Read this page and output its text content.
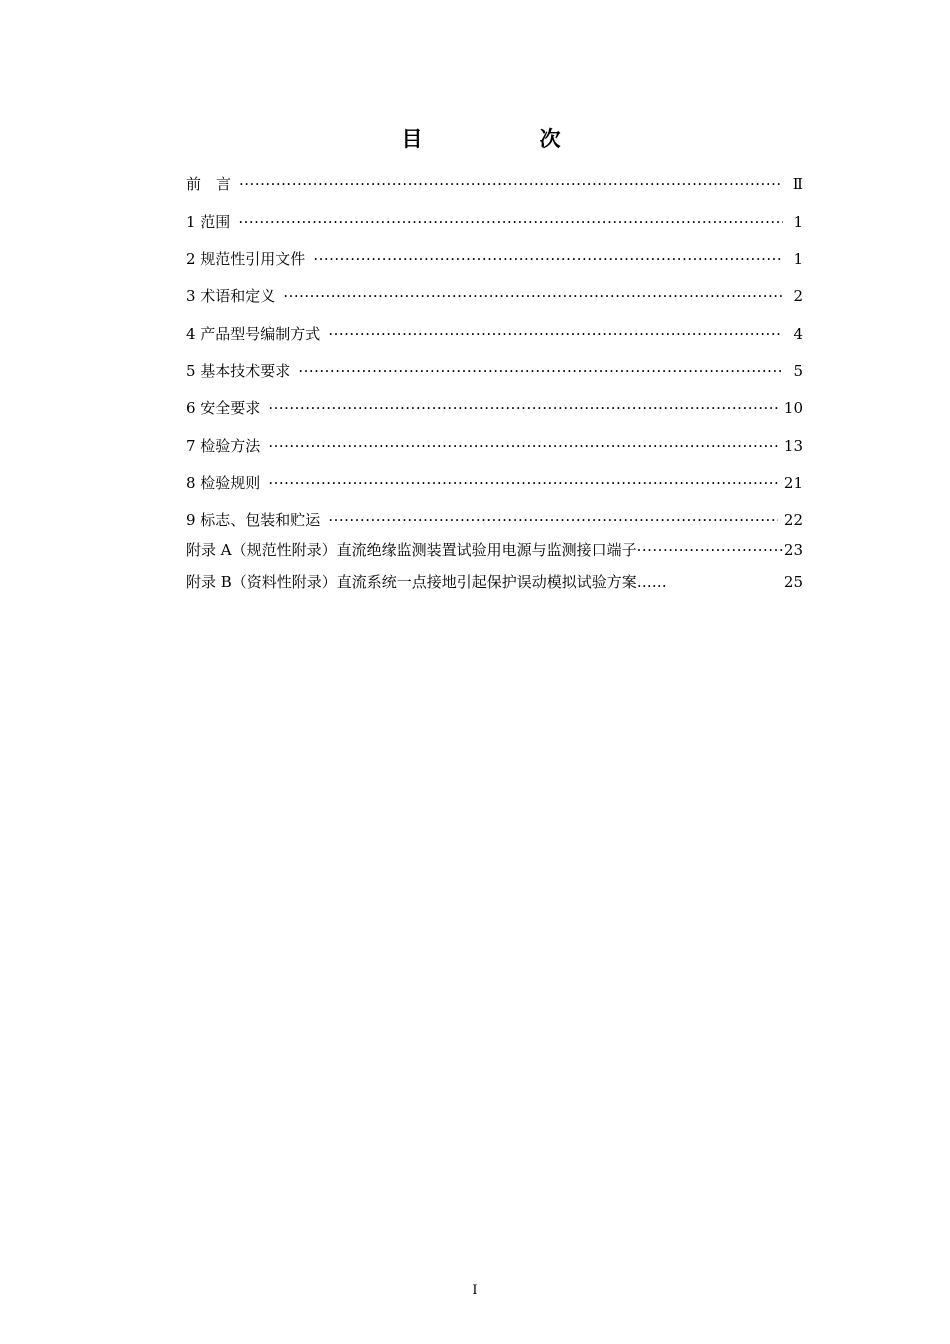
目　次
前　言 ·····	Ⅱ
1 范围 ·····	1
2 规范性引用文件 ·····	1
3 术语和定义 ·····	2
4 产品型号编制方式 ·····	4
5 基本技术要求 ·····	5
6 安全要求 ·····	10
7 检验方法 ·····	13
8 检验规则 ·····	21
9 标志、包装和贮运 ·····	22
附录 A（规范性附录）直流绝缘监测装置试验用电源与监测接口端子 ·····	23
附录 B（资料性附录）直流系统一点接地引起保护误动模拟试验方案……	25
I
